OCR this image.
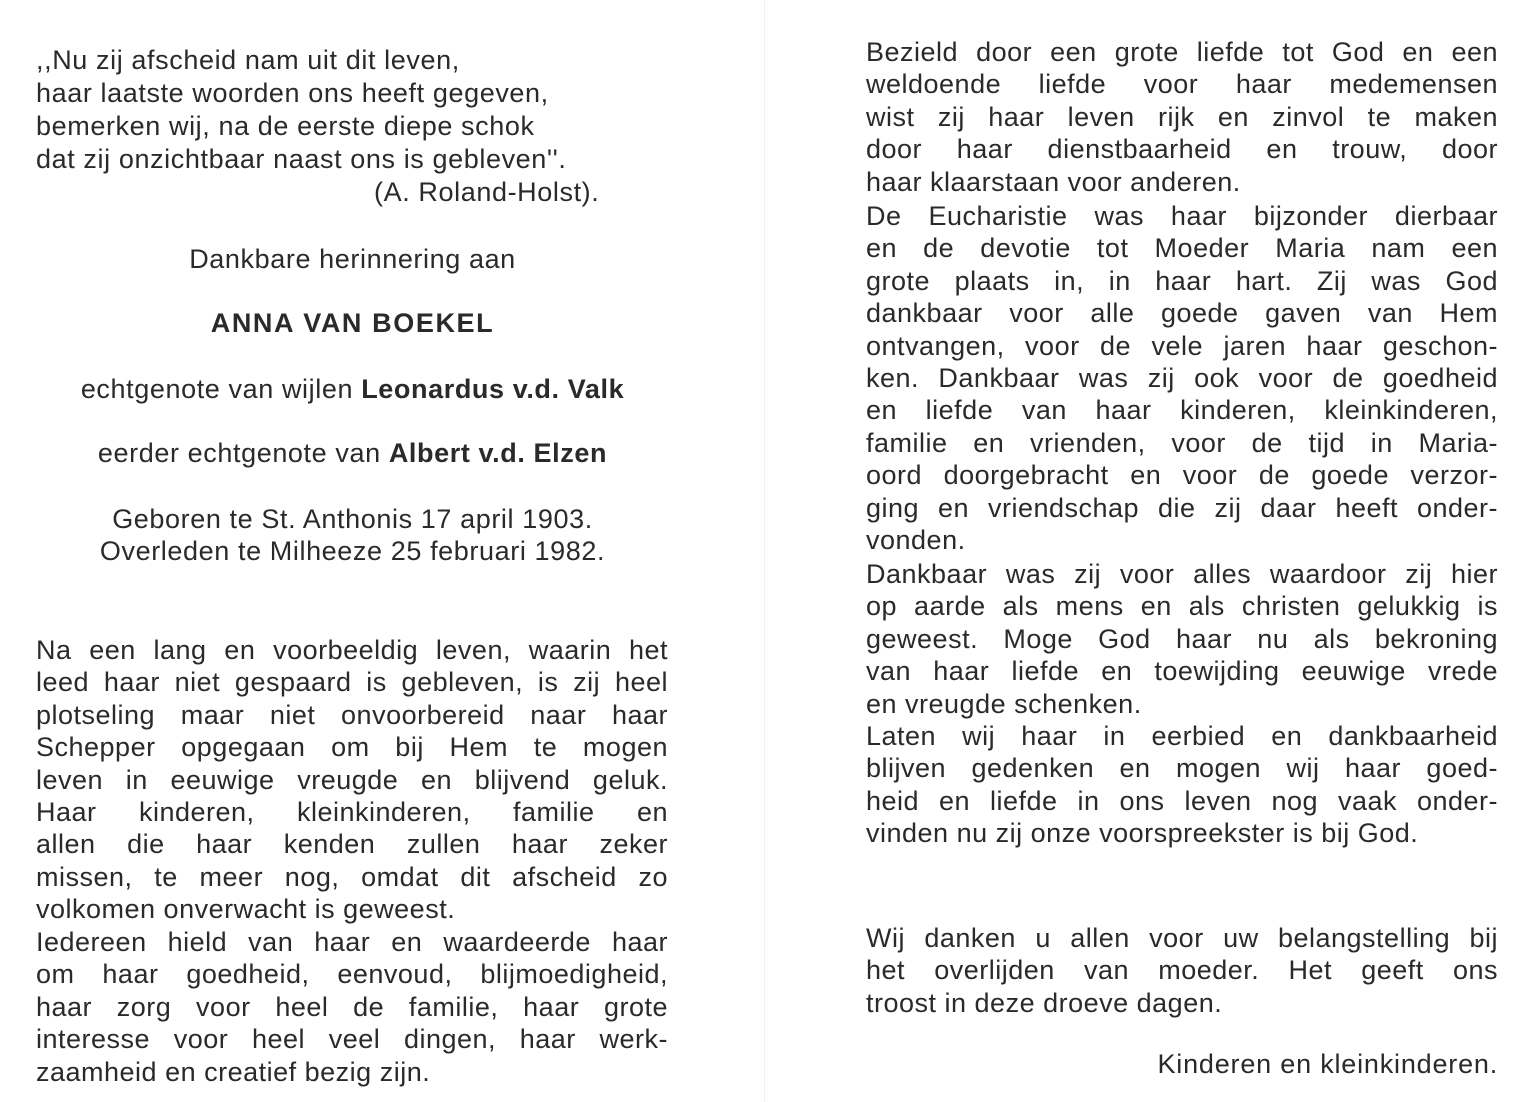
,,Nu zij afscheid nam uit dit leven,
haar laatste woorden ons heeft gegeven,
bemerken wij, na de eerste diepe schok
dat zij onzichtbaar naast ons is gebleven''.
(A. Roland-Holst).
Dankbare herinnering aan
ANNA VAN BOEKEL
echtgenote van wijlen Leonardus v.d. Valk
eerder echtgenote van Albert v.d. Elzen
Geboren te St. Anthonis 17 april 1903.
Overleden te Milheeze 25 februari 1982.
Na een lang en voorbeeldig leven, waarin het
leed haar niet gespaard is gebleven, is zij heel
plotseling maar niet onvoorbereid naar haar
Schepper opgegaan om bij Hem te mogen
leven in eeuwige vreugde en blijvend geluk.
Haar kinderen, kleinkinderen, familie en
allen die haar kenden zullen haar zeker
missen, te meer nog, omdat dit afscheid zo
volkomen onverwacht is geweest.
Iedereen hield van haar en waardeerde haar
om haar goedheid, eenvoud, blijmoedigheid,
haar zorg voor heel de familie, haar grote
interesse voor heel veel dingen, haar werk-
zaamheid en creatief bezig zijn.
Bezield door een grote liefde tot God en een
weldoende liefde voor haar medemensen
wist zij haar leven rijk en zinvol te maken
door haar dienstbaarheid en trouw, door
haar klaarstaan voor anderen.
De Eucharistie was haar bijzonder dierbaar
en de devotie tot Moeder Maria nam een
grote plaats in, in haar hart. Zij was God
dankbaar voor alle goede gaven van Hem
ontvangen, voor de vele jaren haar geschon-
ken. Dankbaar was zij ook voor de goedheid
en liefde van haar kinderen, kleinkinderen,
familie en vrienden, voor de tijd in Maria-
oord doorgebracht en voor de goede verzor-
ging en vriendschap die zij daar heeft onder-
vonden.
Dankbaar was zij voor alles waardoor zij hier
op aarde als mens en als christen gelukkig is
geweest. Moge God haar nu als bekroning
van haar liefde en toewijding eeuwige vrede
en vreugde schenken.
Laten wij haar in eerbied en dankbaarheid
blijven gedenken en mogen wij haar goed-
heid en liefde in ons leven nog vaak onder-
vinden nu zij onze voorspreekster is bij God.
Wij danken u allen voor uw belangstelling bij
het overlijden van moeder. Het geeft ons
troost in deze droeve dagen.
Kinderen en kleinkinderen.
